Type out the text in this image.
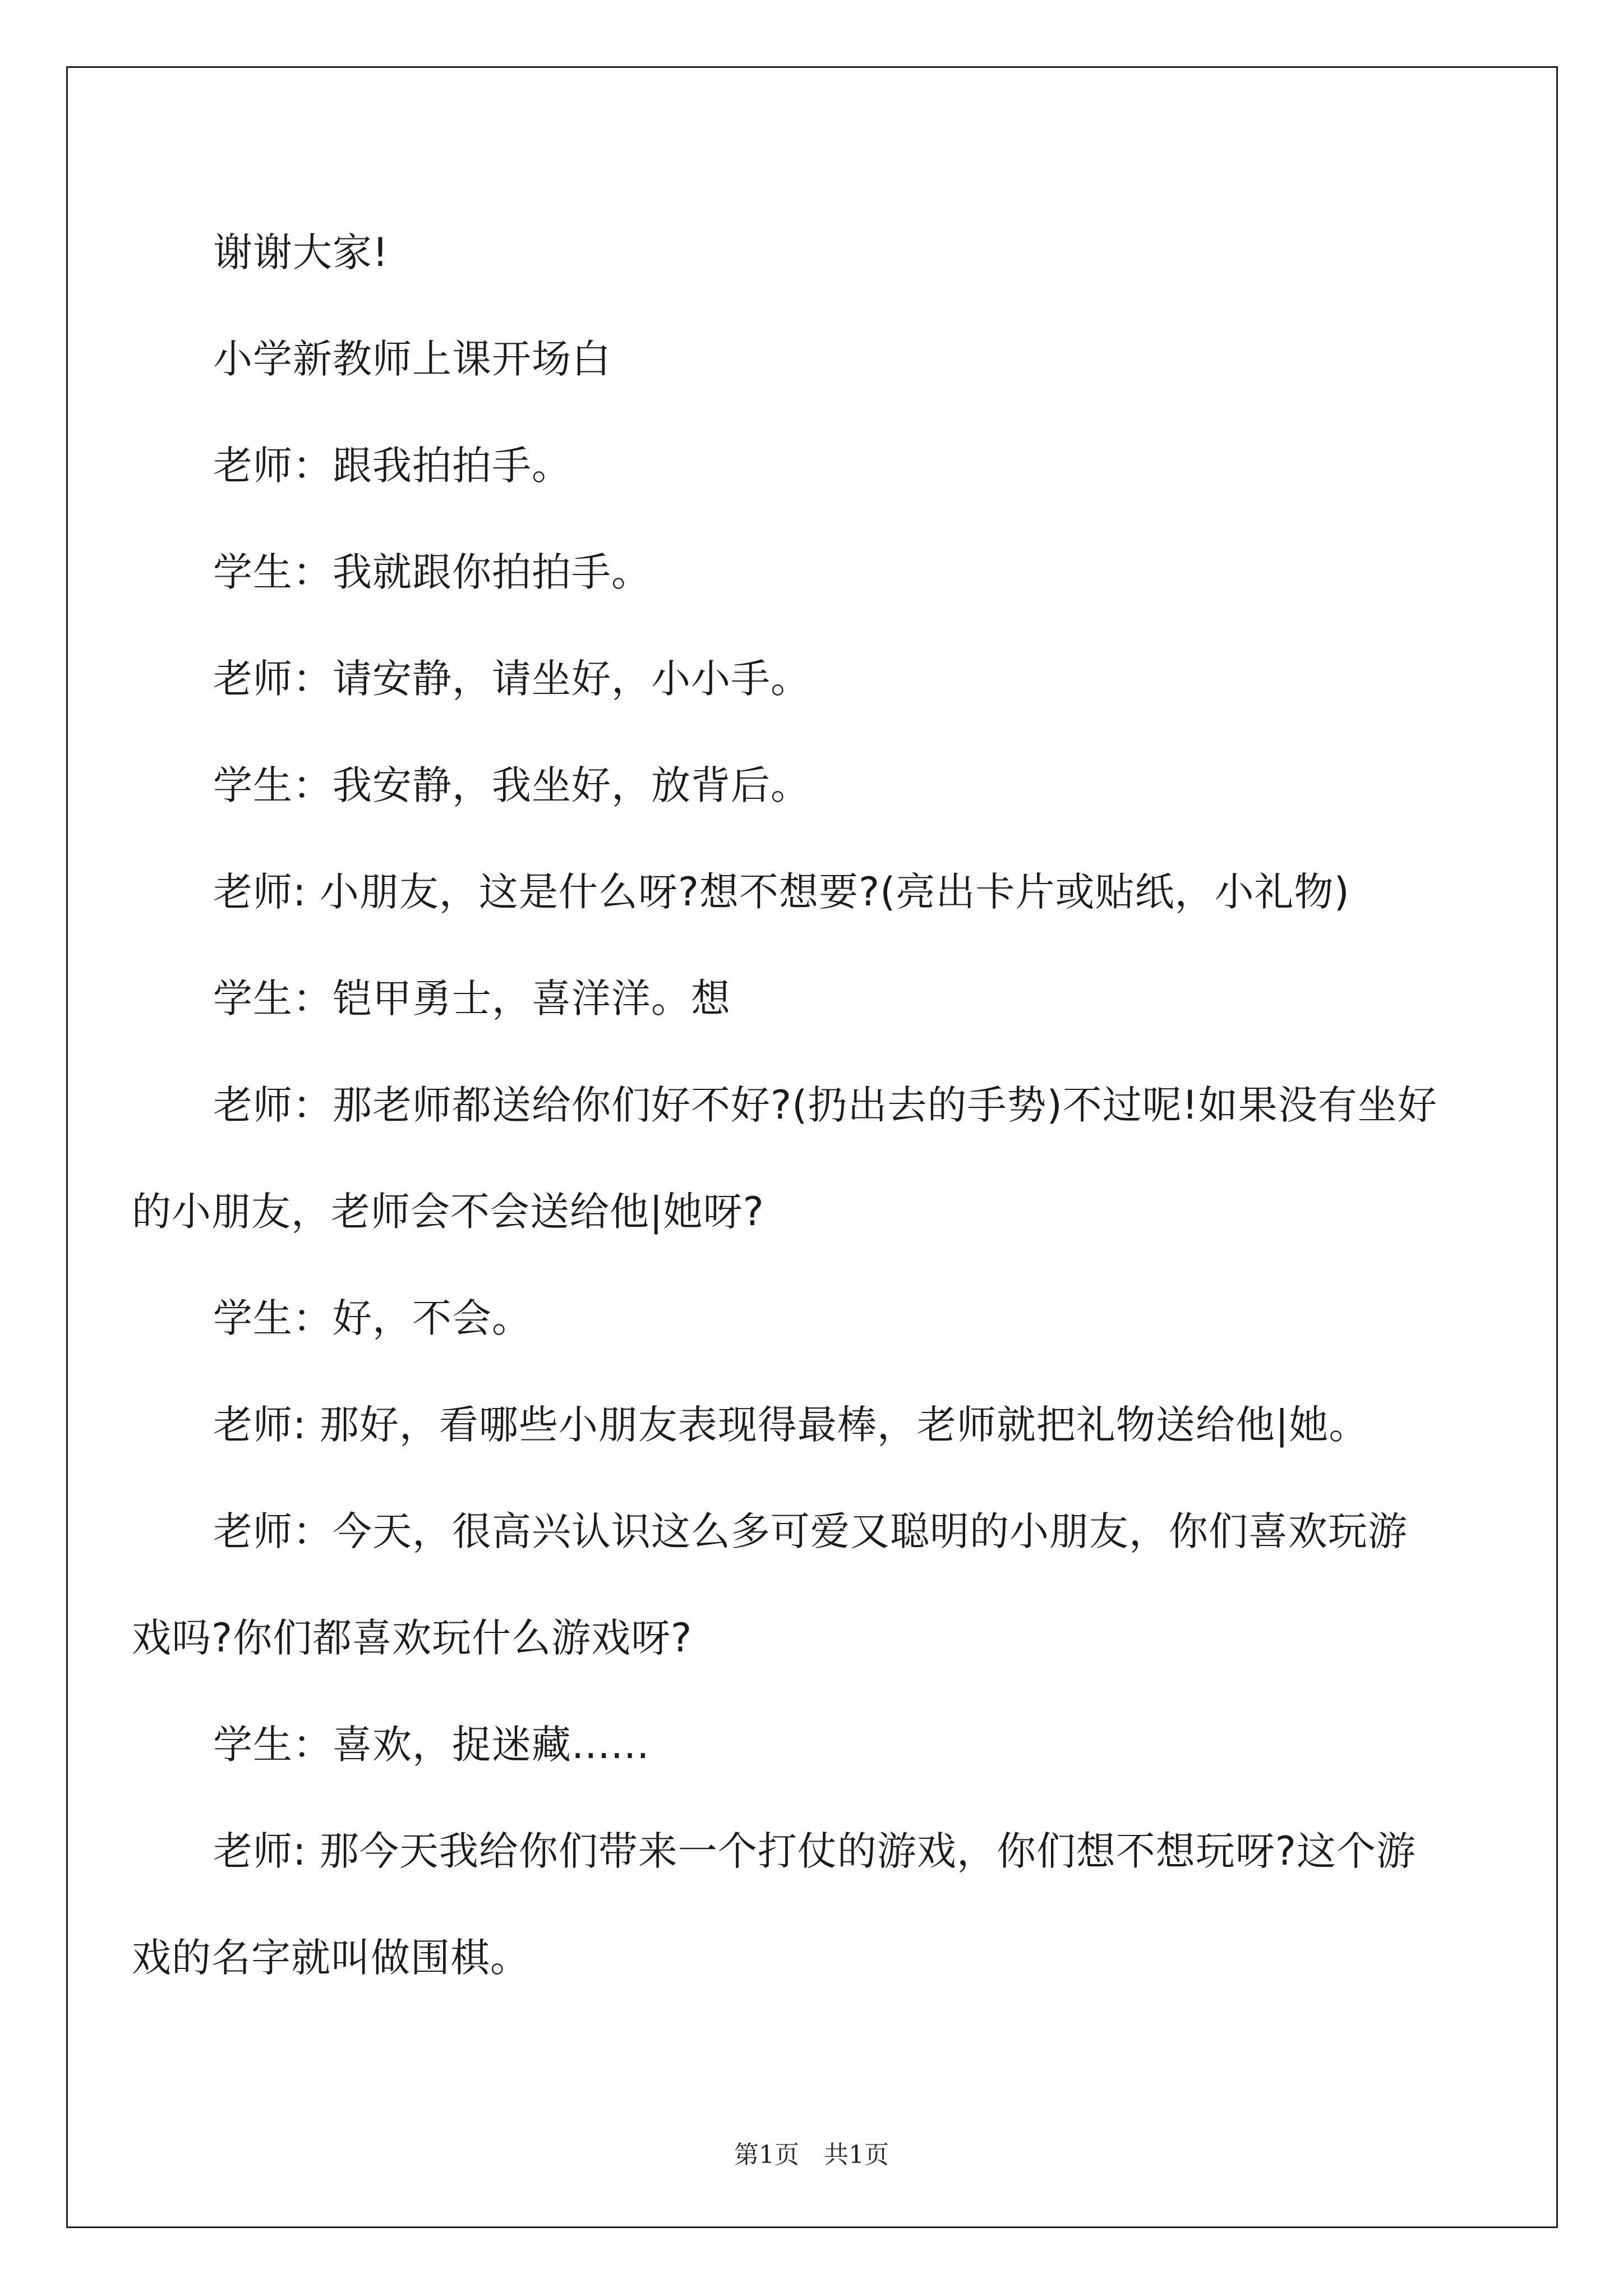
谢谢大家!

小学新教师上课开场白

老师：跟我拍拍手。

学生：我就跟你拍拍手。

老师：请安静，请坐好，小小手。

学生：我安静，我坐好，放背后。

老师: 小朋友，这是什么呀?想不想要?(亮出卡片或贴纸，小礼物)

学生：铠甲勇士，喜洋洋。想

老师：那老师都送给你们好不好?(扔出去的手势)不过呢!如果没有坐好的小朋友，老师会不会送给他|她呀?

学生：好，不会。

老师: 那好，看哪些小朋友表现得最棒，老师就把礼物送给他|她。

老师：今天，很高兴认识这么多可爱又聪明的小朋友，你们喜欢玩游戏吗?你们都喜欢玩什么游戏呀?

学生：喜欢，捉迷藏......

老师: 那今天我给你们带来一个打仗的游戏，你们想不想玩呀?这个游戏的名字就叫做围棋。

第1页　共1页
